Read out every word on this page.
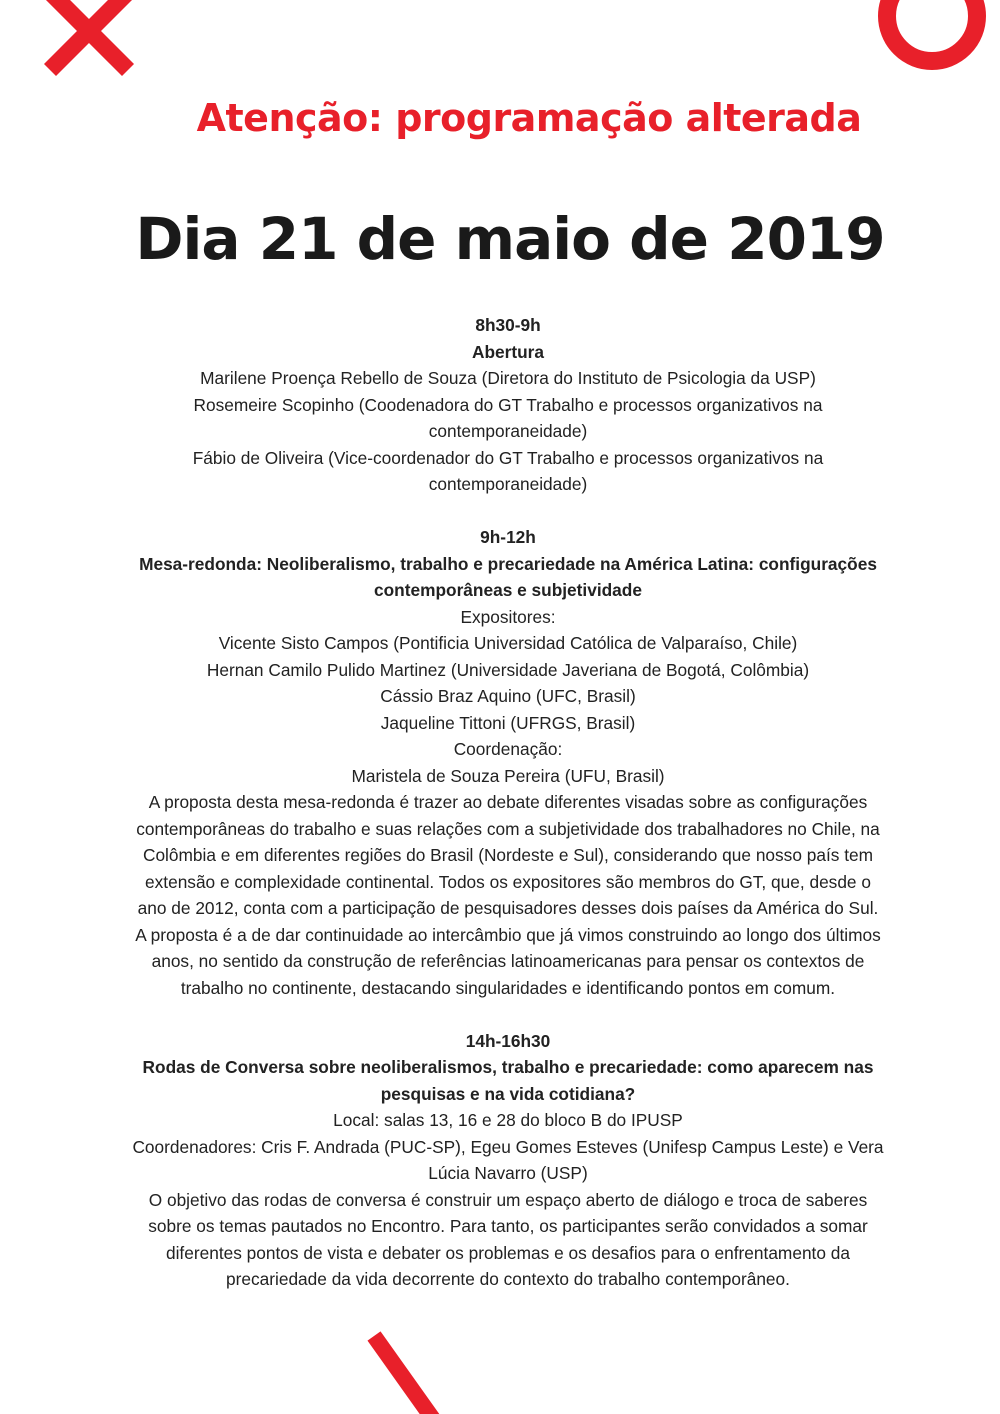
Atenção: programação alterada
Dia 21 de maio de 2019
8h30-9h
Abertura
Marilene Proença Rebello de Souza (Diretora do Instituto de Psicologia da USP)
Rosemeire Scopinho (Coodenadora do GT Trabalho e processos organizativos na contemporaneidade)
Fábio de Oliveira (Vice-coordenador do GT Trabalho e processos organizativos na contemporaneidade)
9h-12h
Mesa-redonda: Neoliberalismo, trabalho e precariedade na América Latina: configurações contemporâneas e subjetividade
Expositores:
Vicente Sisto Campos (Pontificia Universidad Católica de Valparaíso, Chile)
Hernan Camilo Pulido Martinez (Universidade Javeriana de Bogotá, Colômbia)
Cássio Braz Aquino (UFC, Brasil)
Jaqueline Tittoni (UFRGS, Brasil)
Coordenação:
Maristela de Souza Pereira (UFU, Brasil)
A proposta desta mesa-redonda é trazer ao debate diferentes visadas sobre as configurações contemporâneas do trabalho e suas relações com a subjetividade dos trabalhadores no Chile, na Colômbia e em diferentes regiões do Brasil (Nordeste e Sul), considerando que nosso país tem extensão e complexidade continental. Todos os expositores são membros do GT, que, desde o ano de 2012, conta com a participação de pesquisadores desses dois países da América do Sul. A proposta é a de dar continuidade ao intercâmbio que já vimos construindo ao longo dos últimos anos, no sentido da construção de referências latinoamericanas para pensar os contextos de trabalho no continente, destacando singularidades e identificando pontos em comum.
14h-16h30
Rodas de Conversa sobre neoliberalismos, trabalho e precariedade: como aparecem nas pesquisas e na vida cotidiana?
Local: salas 13, 16 e 28 do bloco B do IPUSP
Coordenadores: Cris F. Andrada (PUC-SP), Egeu Gomes Esteves (Unifesp Campus Leste) e Vera Lúcia Navarro (USP)
O objetivo das rodas de conversa é construir um espaço aberto de diálogo e troca de saberes sobre os temas pautados no Encontro. Para tanto, os participantes serão convidados a somar diferentes pontos de vista e debater os problemas e os desafios para o enfrentamento da precariedade da vida decorrente do contexto do trabalho contemporâneo.
